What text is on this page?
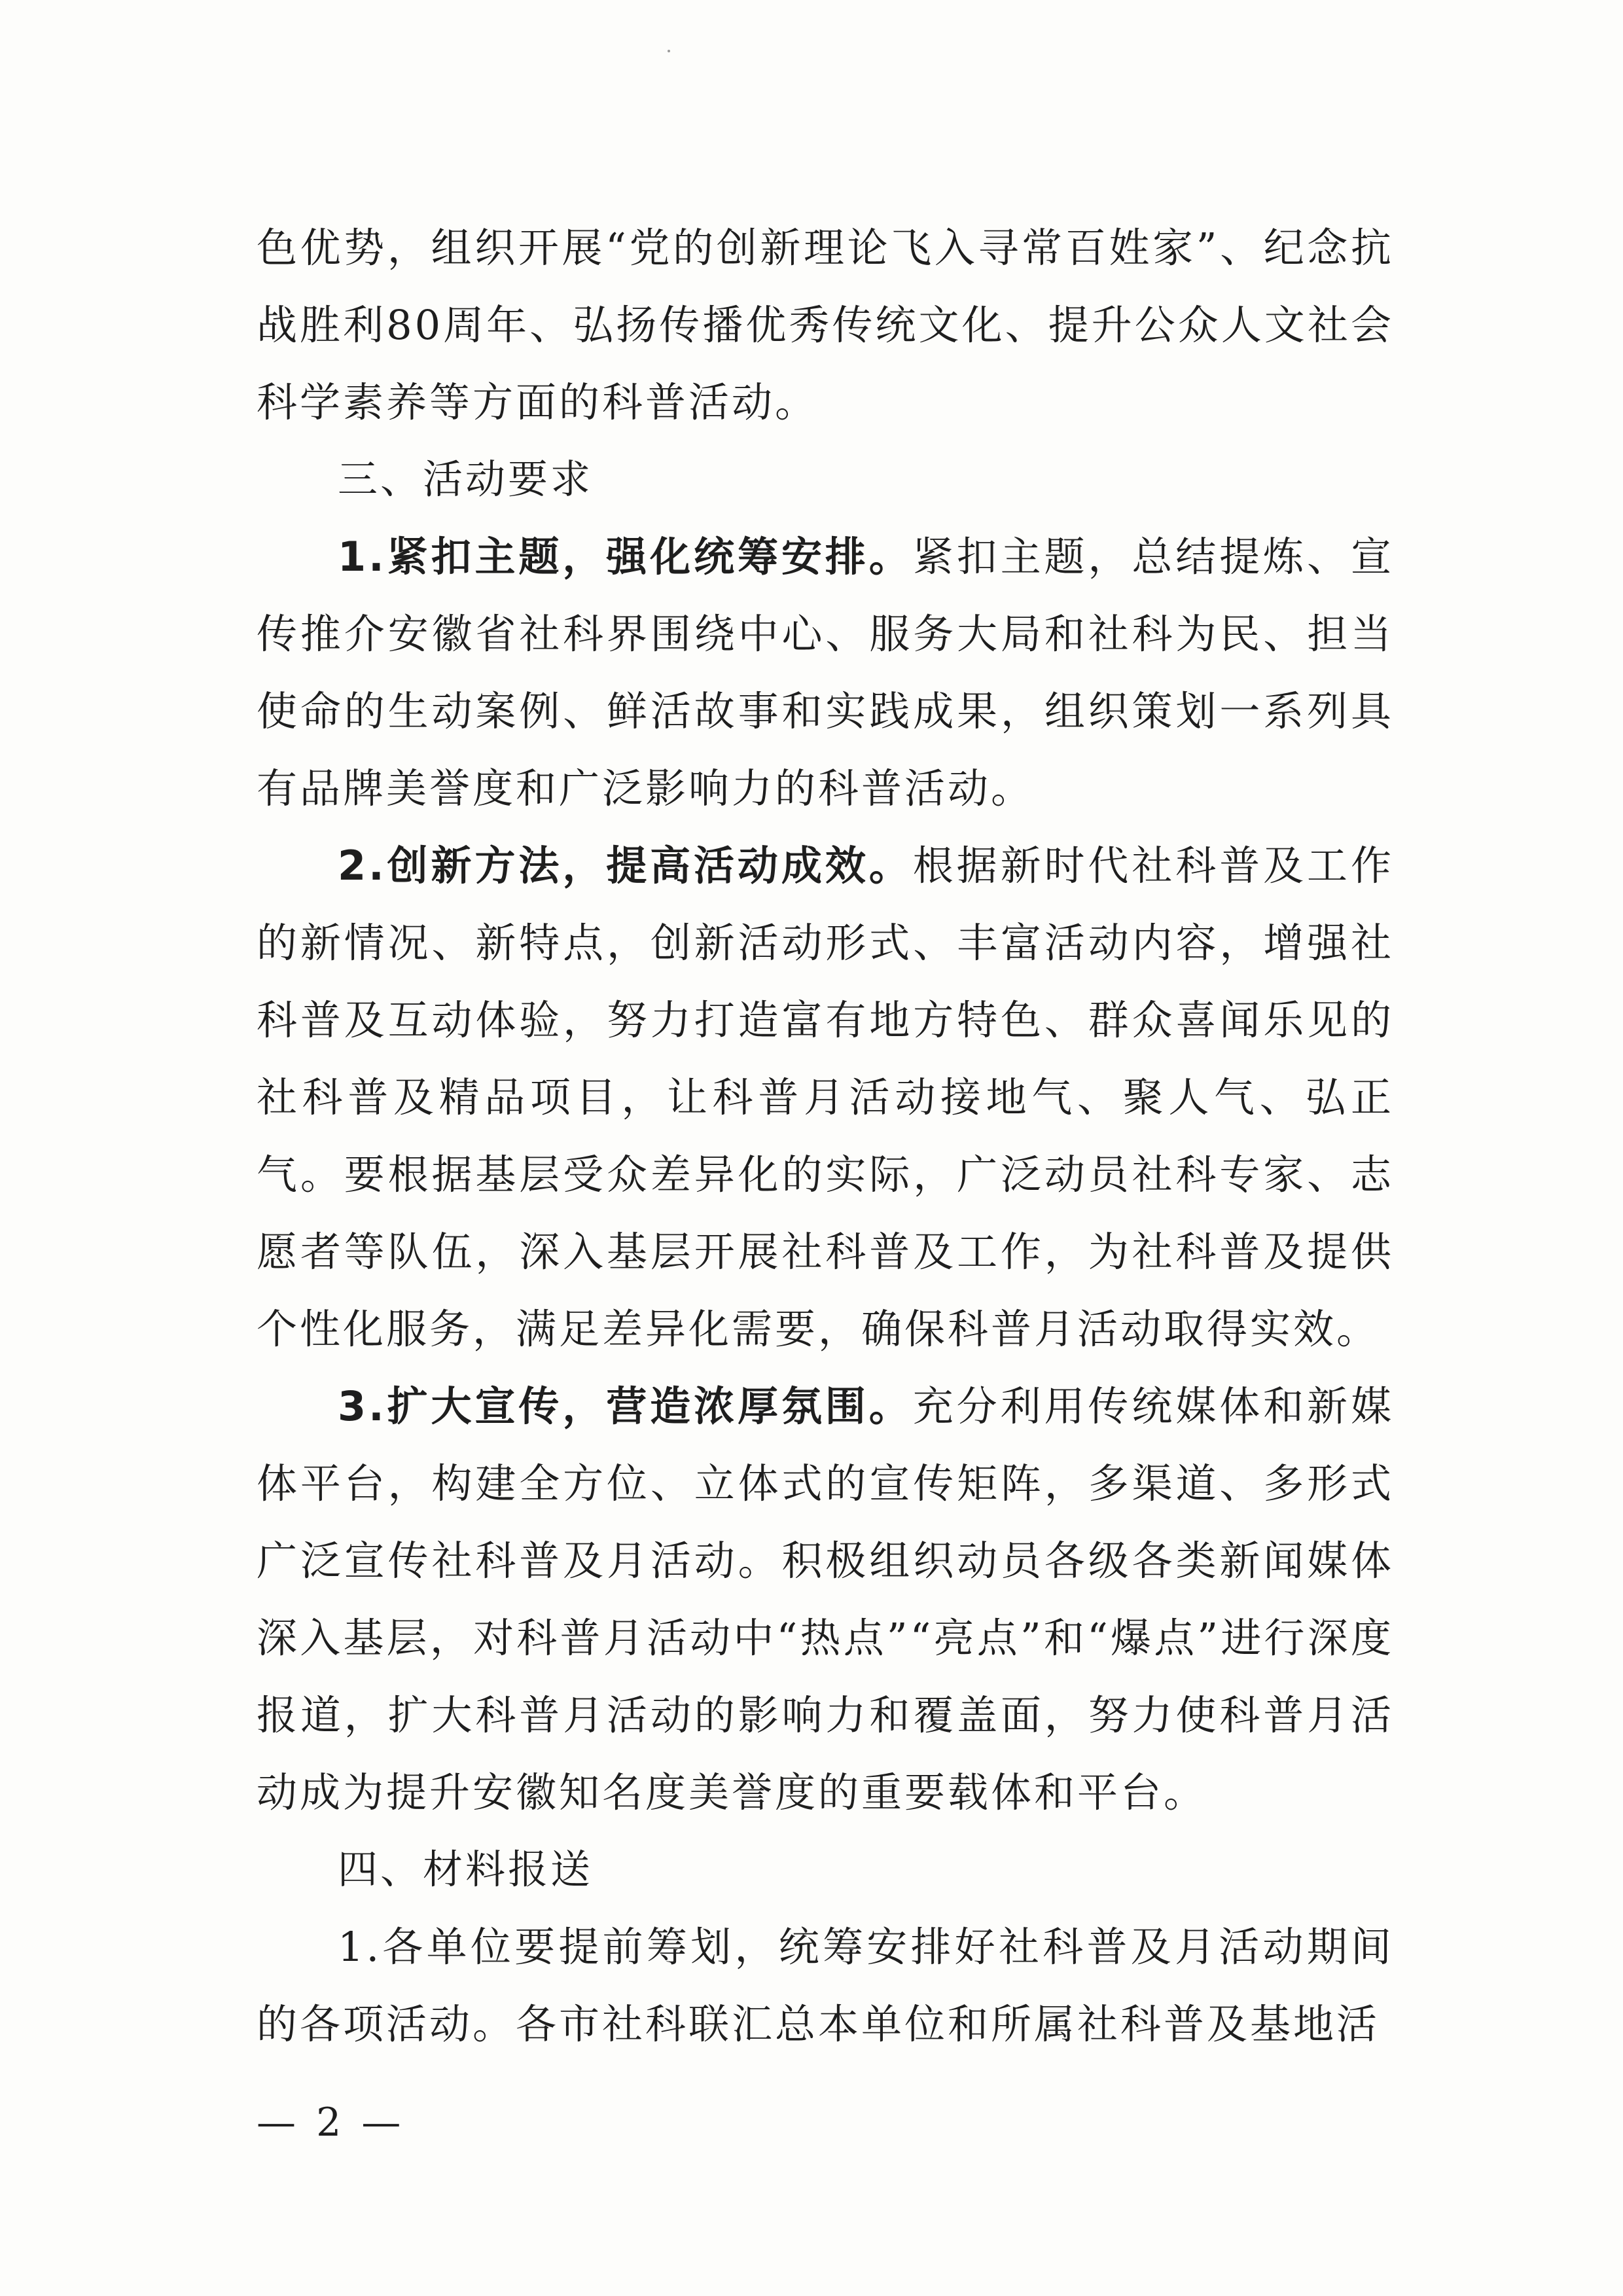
色优势，组织开展“党的创新理论飞入寻常百姓家”、纪念抗战胜利80周年、弘扬传播优秀传统文化、提升公众人文社会科学素养等方面的科普活动。

三、活动要求

1.紧扣主题，强化统筹安排。紧扣主题，总结提炼、宣传推介安徽省社科界围绕中心、服务大局和社科为民、担当使命的生动案例、鲜活故事和实践成果，组织策划一系列具有品牌美誉度和广泛影响力的科普活动。

2.创新方法，提高活动成效。根据新时代社科普及工作的新情况、新特点，创新活动形式、丰富活动内容，增强社科普及互动体验，努力打造富有地方特色、群众喜闻乐见的社科普及精品项目，让科普月活动接地气、聚人气、弘正气。要根据基层受众差异化的实际，广泛动员社科专家、志愿者等队伍，深入基层开展社科普及工作，为社科普及提供个性化服务，满足差异化需要，确保科普月活动取得实效。

3.扩大宣传，营造浓厚氛围。充分利用传统媒体和新媒体平台，构建全方位、立体式的宣传矩阵，多渠道、多形式广泛宣传社科普及月活动。积极组织动员各级各类新闻媒体深入基层，对科普月活动中“热点”“亮点”和“爆点”进行深度报道，扩大科普月活动的影响力和覆盖面，努力使科普月活动成为提升安徽知名度美誉度的重要载体和平台。

四、材料报送

1.各单位要提前筹划，统筹安排好社科普及月活动期间的各项活动。各市社科联汇总本单位和所属社科普及基地活

— 2 —
